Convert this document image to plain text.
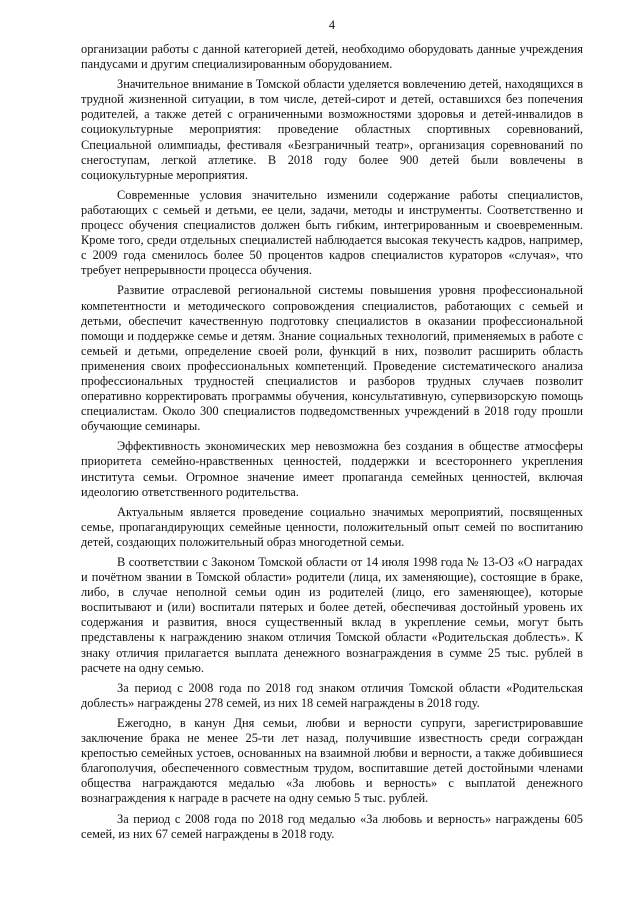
4

организации работы с данной категорией детей, необходимо оборудовать данные учреждения пандусами и другим специализированным оборудованием.

Значительное внимание в Томской области уделяется вовлечению детей, находящихся в трудной жизненной ситуации, в том числе, детей-сирот и детей, оставшихся без попечения родителей, а также детей с ограниченными возможностями здоровья и детей-инвалидов в социокультурные мероприятия: проведение областных спортивных соревнований, Специальной олимпиады, фестиваля «Безграничный театр», организация соревнований по снегоступам, легкой атлетике. В 2018 году более 900 детей были вовлечены в социокультурные мероприятия.

Современные условия значительно изменили содержание работы специалистов, работающих с семьей и детьми, ее цели, задачи, методы и инструменты. Соответственно и процесс обучения специалистов должен быть гибким, интегрированным и своевременным. Кроме того, среди отдельных специалистей наблюдается высокая текучесть кадров, например, с 2009 года сменилось более 50 процентов кадров специалистов кураторов «случая», что требует непрерывности процесса обучения.

Развитие отраслевой региональной системы повышения уровня профессиональной компетентности и методического сопровождения специалистов, работающих с семьей и детьми, обеспечит качественную подготовку специалистов в оказании профессиональной помощи и поддержке семье и детям. Знание социальных технологий, применяемых в работе с семьей и детьми, определение своей роли, функций в них, позволит расширить область применения своих профессиональных компетенций. Проведение систематического анализа профессиональных трудностей специалистов и разборов трудных случаев позволит оперативно корректировать программы обучения, консультативную, супервизорскую помощь специалистам. Около 300 специалистов подведомственных учреждений в 2018 году прошли обучающие семинары.

Эффективность экономических мер невозможна без создания в обществе атмосферы приоритета семейно-нравственных ценностей, поддержки и всестороннего укрепления института семьи. Огромное значение имеет пропаганда семейных ценностей, включая идеологию ответственного родительства.

Актуальным является проведение социально значимых мероприятий, посвященных семье, пропагандирующих семейные ценности, положительный опыт семей по воспитанию детей, создающих положительный образ многодетной семьи.

В соответствии с Законом Томской области от 14 июля 1998 года № 13-ОЗ «О наградах и почётном звании в Томской области» родители (лица, их заменяющие), состоящие в браке, либо, в случае неполной семьи один из родителей (лицо, его заменяющее), которые воспитывают и (или) воспитали пятерых и более детей, обеспечивая достойный уровень их содержания и развития, внося существенный вклад в укрепление семьи, могут быть представлены к награждению знаком отличия Томской области «Родительская доблесть». К знаку отличия прилагается выплата денежного вознаграждения в сумме 25 тыс. рублей в расчете на одну семью.

За период с 2008 года по 2018 год знаком отличия Томской области «Родительская доблесть» награждены 278 семей, из них 18 семей награждены в 2018 году.

Ежегодно, в канун Дня семьи, любви и верности супруги, зарегистрировавшие заключение брака не менее 25-ти лет назад, получившие известность среди сограждан крепостью семейных устоев, основанных на взаимной любви и верности, а также добившиеся благополучия, обеспеченного совместным трудом, воспитавшие детей достойными членами общества награждаются медалью «За любовь и верность» с выплатой денежного вознаграждения к награде в расчете на одну семью 5 тыс. рублей.

За период с 2008 года по 2018 год медалью «За любовь и верность» награждены 605 семей, из них 67 семей награждены в 2018 году.
